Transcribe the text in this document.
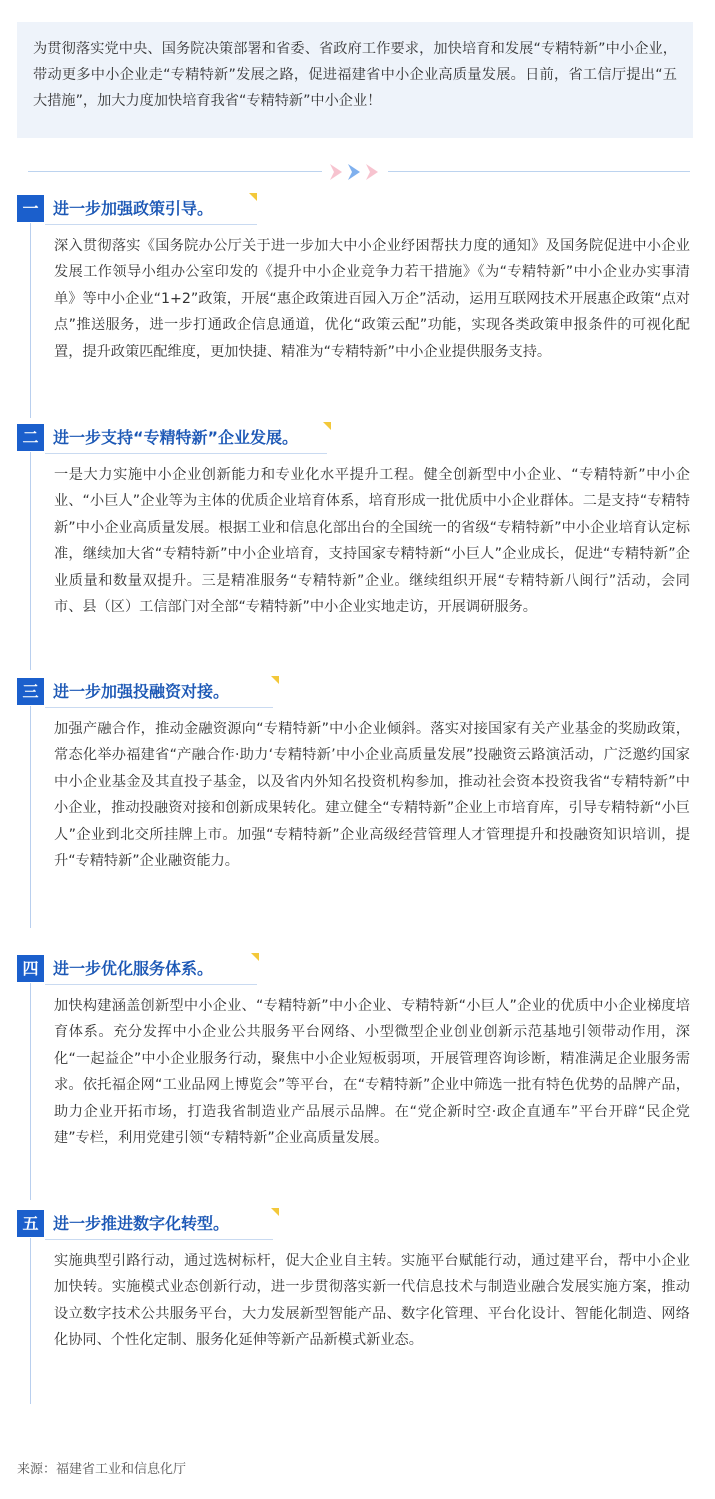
为贯彻落实党中央、国务院决策部署和省委、省政府工作要求，加快培育和发展“专精特新”中小企业，带动更多中小企业走“专精特新”发展之路，促进福建省中小企业高质量发展。日前，省工信厅提出“五大措施”，加大力度加快培育我省“专精特新”中小企业！

一 进一步加强政策引导。
深入贯彻落实《国务院办公厅关于进一步加大中小企业纾困帮扶力度的通知》及国务院促进中小企业发展工作领导小组办公室印发的《提升中小企业竞争力若干措施》《为“专精特新”中小企业办实事清单》等中小企业“1+2”政策，开展“惠企政策进百园入万企”活动，运用互联网技术开展惠企政策“点对点”推送服务，进一步打通政企信息通道，优化“政策云配”功能，实现各类政策申报条件的可视化配置，提升政策匹配维度，更加快捷、精准为“专精特新”中小企业提供服务支持。
二 进一步支持“专精特新”企业发展。
一是大力实施中小企业创新能力和专业化水平提升工程。健全创新型中小企业、“专精特新”中小企业、“小巨人”企业等为主体的优质企业培育体系，培育形成一批优质中小企业群体。二是支持“专精特新”中小企业高质量发展。根据工业和信息化部出台的全国统一的省级“专精特新”中小企业培育认定标准，继续加大省“专精特新”中小企业培育，支持国家专精特新“小巨人”企业成长，促进“专精特新”企业质量和数量双提升。三是精准服务“专精特新”企业。继续组织开展“专精特新八闽行”活动，会同市、县（区）工信部门对全部“专精特新”中小企业实地走访，开展调研服务。
三 进一步加强投融资对接。
加强产融合作，推动金融资源向“专精特新”中小企业倾斜。落实对接国家有关产业基金的奖励政策，常态化举办福建省“产融合作·助力‘专精特新’中小企业高质量发展”投融资云路演活动，广泛邀约国家中小企业基金及其直投子基金，以及省内外知名投资机构参加，推动社会资本投资我省“专精特新”中小企业，推动投融资对接和创新成果转化。建立健全“专精特新”企业上市培育库，引导专精特新“小巨人”企业到北交所挂牌上市。加强“专精特新”企业高级经营管理人才管理提升和投融资知识培训，提升“专精特新”企业融资能力。
四 进一步优化服务体系。
加快构建涵盖创新型中小企业、“专精特新”中小企业、专精特新“小巨人”企业的优质中小企业梯度培育体系。充分发挥中小企业公共服务平台网络、小型微型企业创业创新示范基地引领带动作用，深化“一起益企”中小企业服务行动，聚焦中小企业短板弱项，开展管理咨询诊断，精准满足企业服务需求。依托福企网“工业品网上博览会”等平台，在“专精特新”企业中筛选一批有特色优势的品牌产品，助力企业开拓市场，打造我省制造业产品展示品牌。在“党企新时空·政企直通车”平台开辟“民企党建”专栏，利用党建引领“专精特新”企业高质量发展。
五 进一步推进数字化转型。
实施典型引路行动，通过选树标杆，促大企业自主转。实施平台赋能行动，通过建平台，帮中小企业加快转。实施模式业态创新行动，进一步贯彻落实新一代信息技术与制造业融合发展实施方案，推动设立数字技术公共服务平台，大力发展新型智能产品、数字化管理、平台化设计、智能化制造、网络化协同、个性化定制、服务化延伸等新产品新模式新业态。
来源：福建省工业和信息化厅
